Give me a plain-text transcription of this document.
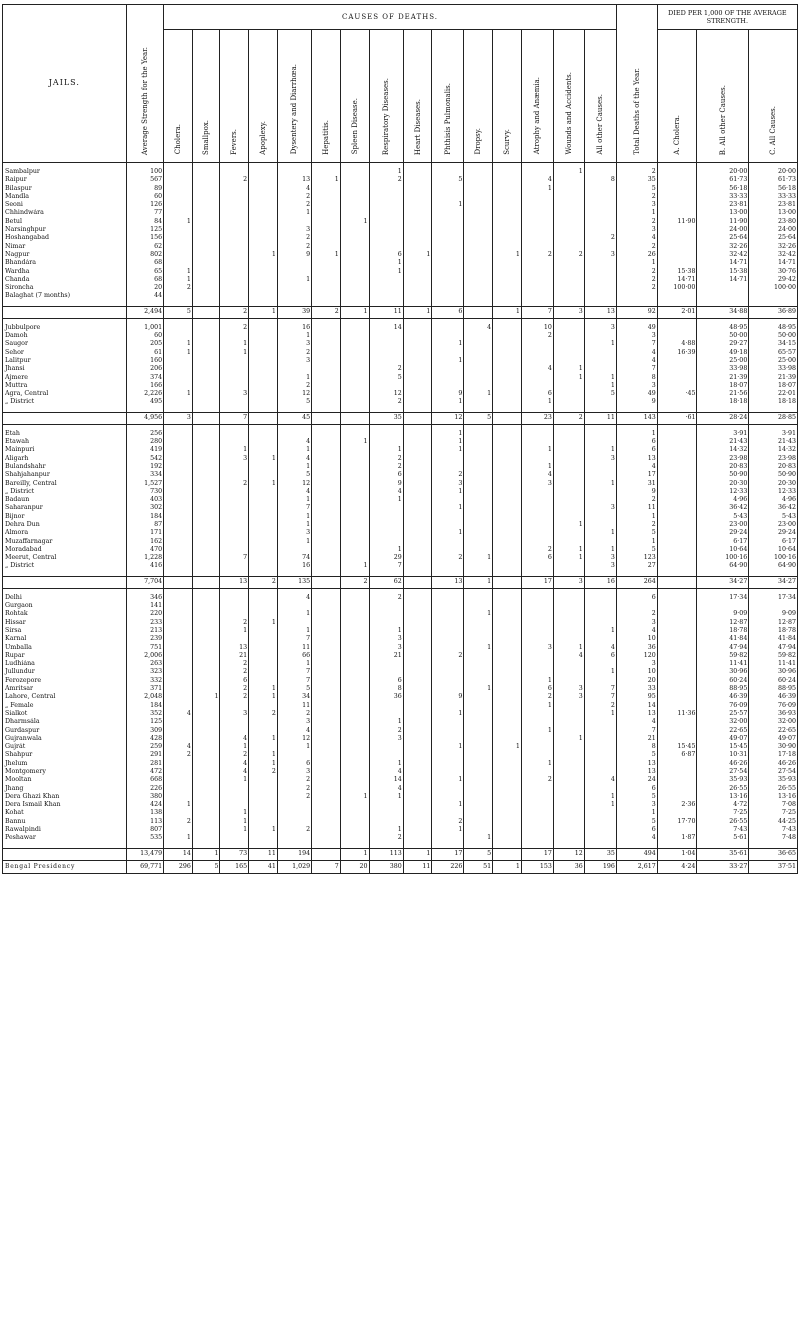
JAILS.	Average Strength for the Year.	CAUSES OF DEATHS.															Total Deaths of the Year.	DIED PER 1,000 OF THE AVERAGE STRENGTH.		
		Cholera.	Smallpox.	Fevers.	Apoplexy.	Dysentery and Diarrhœa.	Hepatitis.	Spleen Disease.	Respiratory Diseases.	Heart Diseases.	Phthisis Pulmonalis.	Dropsy.	Scurvy.	Atrophy and Anæmia.	Wounds and Accidents.	All other Causes.		A. Cholera.	B. All other Causes.	C. All Causes.

Sambalpur	100								1						1		2		20·00	20·00
Raipur	567			2		13	1		2		5			4		8	35		61·73	61·73
Bilaspur	89					4								1			5		56·18	56·18
Mandla	60					2											2		33·33	33·33
Seoni	126					2					1						3		23·81	23·81
Chhindwára	77					1											1		13·00	13·00
Betul	84	1						1									2	11·90	11·90	23·80
Narsinghpur	125					3											3		24·00	24·00
Hoshangabad	156					2										2	4		25·64	25·64
Nimar	62					2											2		32·26	32·26
Nagpur	802				1	9	1		6	1			1	2	2	3	26		32·42	32·42
Bhandára	68								1								1		14·71	14·71
Wardha	65	1							1								2	15·38	15·38	30·76
Chanda	68	1				1											2	14·71	14·71	29·42
Sironcha	20	2															2	100·00		100·00
Balaghat (7 months)	44																			

	2,494	5		2	1	39	2	1	11	1	6		1	7	3	13	92	2·01	34·88	36·89

Jubbulpore	1,001			2		16			14			4		10		3	49		48·95	48·95
Damoh	60					1								2			3		50·00	50·00
Saugor	205	1		1		3					1					1	7	4·88	29·27	34·15
Sehor	61	1		1		2											4	16·39	49·18	65·57
Lalitpur	160					3					1						4		25·00	25·00
Jhansi	206								2					4	1		7		33·98	33·98
Ajmere	374					1			5						1	1	8		21·39	21·39
Muttra	166					2										1	3		18·07	18·07
Agra, Central	2,226	1		3		12			12		9	1		6		5	49	·45	21·56	22·01
„ District	495					5			2		1			1			9		18·18	18·18

	4,956	3		7		45			35		12	5		23	2	11	143	·61	28·24	28·85

Etah	256										1						1		3·91	3·91
Etawah	280					4		1			1						6		21·43	21·43
Mainpuri	419			1		1			1		1			1		1	6		14·32	14·32
Aligarh	542			3	1	4			2							3	13		23·98	23·98
Bulandshahr	192					1			2					1			4		20·83	20·83
Shahjahanpur	334					5			6		2			4			17		50·90	50·90
Bareilly, Central	1,527			2	1	12			9		3			3		1	31		20·30	20·30
„ District	730					4			4		1						9		12·33	12·33
Badaun	403					1			1								2		4·96	4·96
Saharanpur	302					7					1					3	11		36·42	36·42
Bijnor	184					1											1		5·43	5·43
Dehra Dun	87					1									1		2		23·00	23·00
Almora	171					3					1					1	5		29·24	29·24
Muzaffarnagar	162					1											1		6·17	6·17
Moradabad	470								1					2	1	1	5		10·64	10·64
Meerut, Central	1,228			7		74			29		2	1		6	1	3	123		100·16	100·16
„ District	416					16		1	7							3	27		64·90	64·90

	7,704			13	2	135		2	62		13	1		17	3	16	264		34·27	34·27

Delhi	346					4			2								6		17·34	17·34
Gurgaon	141																			
Rohtak	220					1						1					2		9·09	9·09
Hissar	233			2	1												3		12·87	12·87
Sirsa	213			1		1			1							1	4		18·78	18·78
Karnal	239					7			3								10		41·84	41·84
Umballa	751			13		11			3			1		3	1	4	36		47·94	47·94
Rupar	2,006			21		66			21		2				4	6	120		59·82	59·82
Ludhiána	263			2		1											3		11·41	11·41
Jullundur	323			2		7										1	10		30·96	30·96
Ferozepore	332			6		7			6					1			20		60·24	60·24
Amritsar	371			2	1	5			8			1		6	3	7	33		88·95	88·95
Lahore, Central	2,048		1	2	1	34			36		9			2	3	7	95		46·39	46·39
„ Female	184					11								1		2	14		76·09	76·09
Sialkot	352	4		3	2	2					1					1	13	11·36	25·57	36·93
Dharmsála	125					3			1								4		32·00	32·00
Gurdaspur	309					4			2					1			7		22·65	22·65
Gujranwala	428			4	1	12			3						1		21		49·07	49·07
Gujrát	259	4		1		1					1		1				8	15·45	15·45	30·90
Shahpur	291	2		2	1												5	6·87	10·31	17·18
Jhelum	281			4	1	6			1					1			13		46·26	46·26
Montgomery	472			4	2	3			4								13		27·54	27·54
Mooltan	668			1		2			14		1			2		4	24		35·93	35·93
Jhang	226					2			4								6		26·55	26·55
Dera Ghazi Khan	380					2		1	1							1	5		13·16	13·16
Dera Ismail Khan	424	1									1					1	3	2·36	4·72	7·08
Kohat	138			1													1		7·25	7·25
Bannu	113	2		1							2						5	17·70	26·55	44·25
Rawalpindi	807			1	1	2			1		1						6		7·43	7·43
Peshawar	535	1							2			1					4	1·87	5·61	7·48

	13,479	14	1	73	11	194		1	113	1	17	5		17	12	35	494	1·04	35·61	36·65
Bengal Presidency	69,771	296	5	165	41	1,029	7	20	380	11	226	51	1	153	36	196	2,617	4·24	33·27	37·51
